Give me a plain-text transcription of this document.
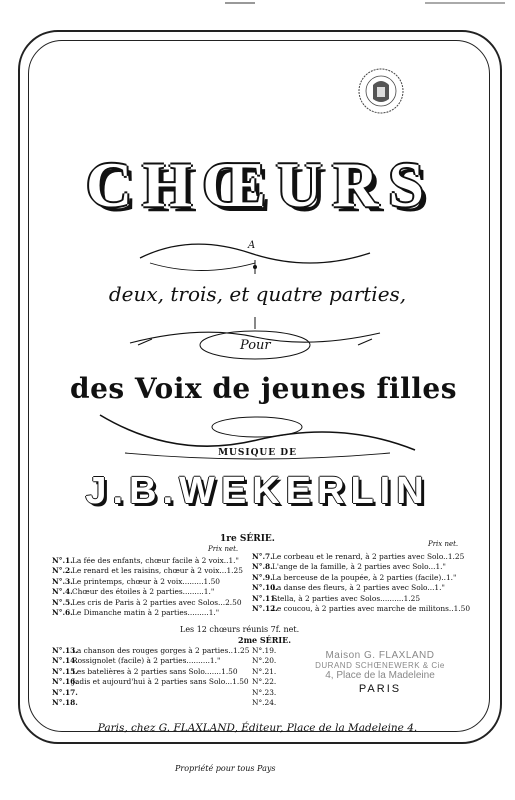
CHŒURS
A
deux, trois, et quatre parties,
Pour
des Voix de jeunes filles
MUSIQUE DE
J.B.WEKERLIN
1re SÉRIE.
Prix net.
Prix net.
N°.1.La fée des enfants, chœur facile à 2 voix..1."
N°.2.Le renard et les raisins, chœur à 2 voix...1.25
N°.3.Le printemps, chœur à 2 voix.........1.50
N°.4.Chœur des étoiles à 2 parties.........1."
N°.5.Les cris de Paris à 2 parties avec Solos...2.50
N°.6.Le Dimanche matin à 2 parties.........1."
N°.7.Le corbeau et le renard, à 2 parties avec Solo..1.25
N°.8.L'ange de la famille, à 2 parties avec Solo...1."
N°.9.La berceuse de la poupée, à 2 parties (facile)..1."
N°.10.La danse des fleurs, à 2 parties avec Solo...1."
N°.11.Stella, à 2 parties avec Solos..........1.25
N°.12.Le coucou, à 2 parties avec marche de militons..1.50
Les 12 chœurs réunis 7f. net.
2me SÉRIE.
N°.13.La chanson des rouges gorges à 2 parties..1.25
N°.14.Rossignolet (facile) à 2 parties..........1."
N°.15.Les batelières à 2 parties sans Solo.......1.50
N°.16.Jadis et aujourd'hui à 2 parties sans Solo...1.50
N°.17.
N°.18.
N°.19.
N°.20.
N°.21.
N°.22.
N°.23.
N°.24.
Maison G. FLAXLAND
DURAND SCHŒNEWERK & Cie
4, Place de la Madeleine
PARIS
Paris, chez G. FLAXLAND, Éditeur, Place de la Madeleine 4.
Propriété pour tous Pays
